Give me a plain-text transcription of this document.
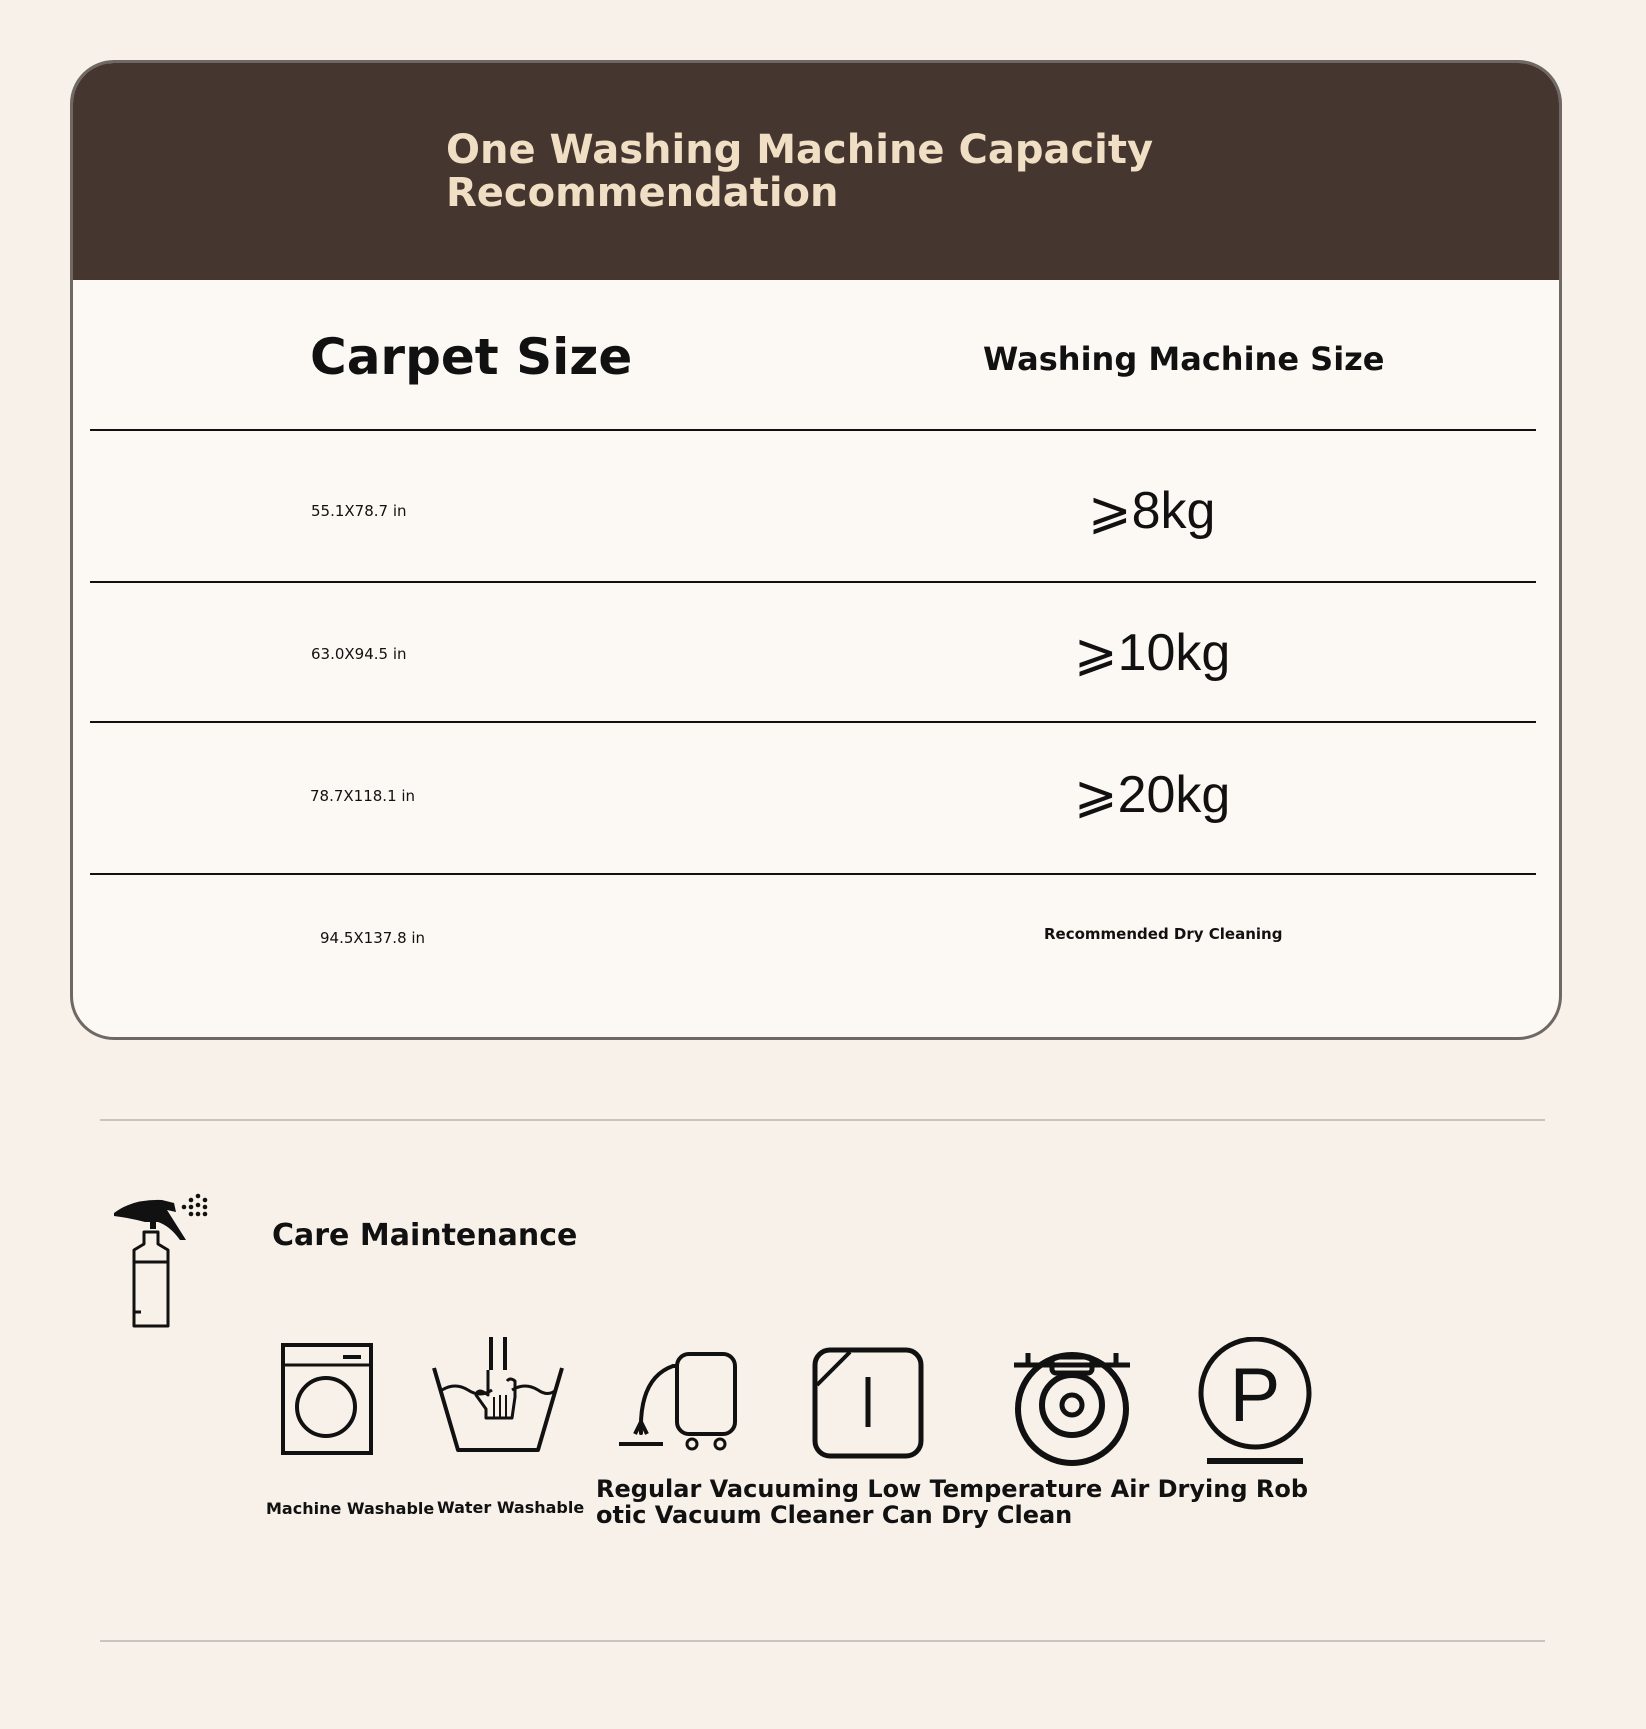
One Washing Machine Capacity Recommendation
Carpet Size	Washing Machine Size
55.1X78.7 in	⩾8kg
63.0X94.5 in	⩾10kg
78.7X118.1 in	⩾20kg
94.5X137.8 in	Recommended Dry Cleaning
Care Maintenance
P
Machine Washable Water Washable

Regular Vacuuming Low Temperature Air Drying Robotic Vacuum Cleaner Can Dry Clean
